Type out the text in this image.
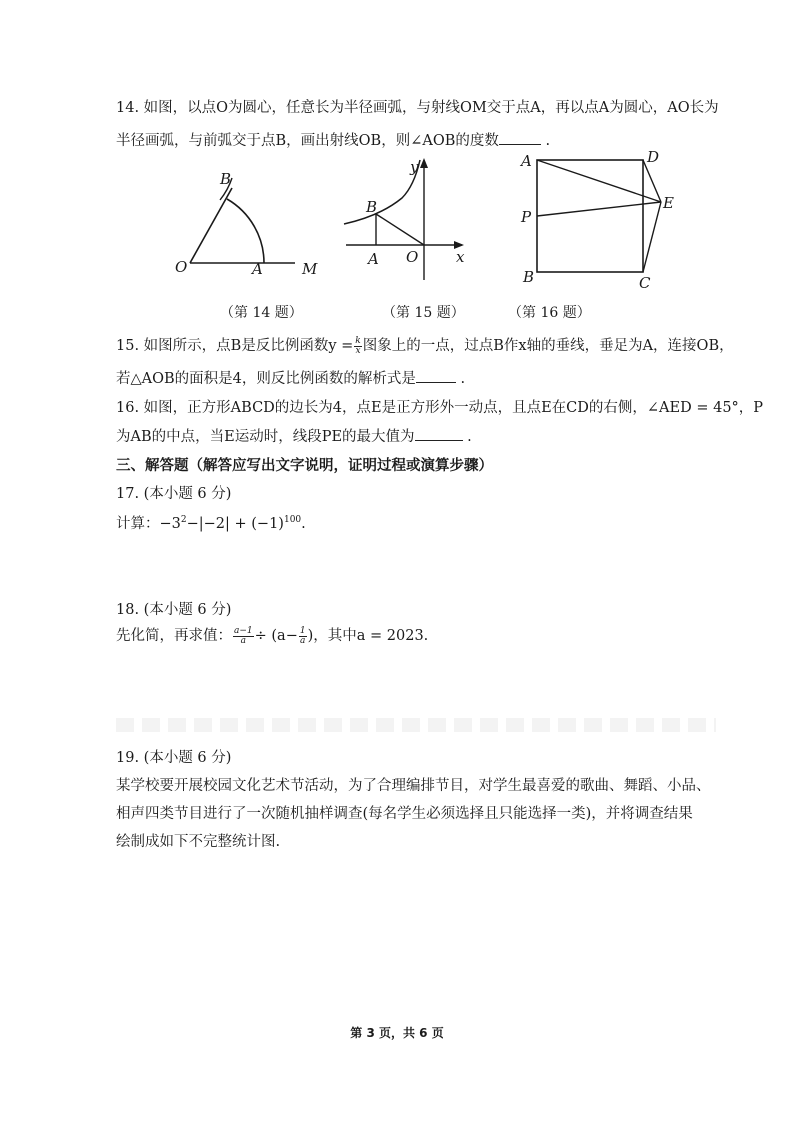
14. 如图，以点O为圆心，任意长为半径画弧，与射线OM交于点A，再以点A为圆心，AO长为
半径画弧，与前弧交于点B，画出射线OB，则∠AOB的度数	.
B
O	A	M
y
B
A O	x
A	D
P
E
B	C
（第 14 题）	（第 15 题）	（第 16 题）
15. 如图所示，点B是反比例函数$y = \frac{k}{x}$ 图象上的一点，过点B作x轴的垂线，垂足为A，连接OB，
若△AOB的面积是4，则反比例函数的解析式是	.
16. 如图，正方形ABCD的边长为4，点E是正方形外一动点，且点E在CD的右侧，∠AED = 45°，P
为AB的中点，当E运动时，线段PE的最大值为	.
三、解答题（解答应写出文字说明，证明过程或演算步骤）
17. (本小题 6 分)
计算：$-3^2-|-2| + (-1)^{100}$.
18. (本小题 6 分)
先化简，再求值： $\frac{a-1}{a} \div (a- \frac{1}{a}$ )，其中a = 2023.
19. (本小题 6 分)
某学校要开展校园文化艺术节活动，为了合理编排节目，对学生最喜爱的歌曲、舞蹈、小品、
相声四类节目进行了一次随机抽样调查(每名学生必须选择且只能选择一类)，并将调查结果
绘制成如下不完整统计图.
第 3 页，共 6 页
